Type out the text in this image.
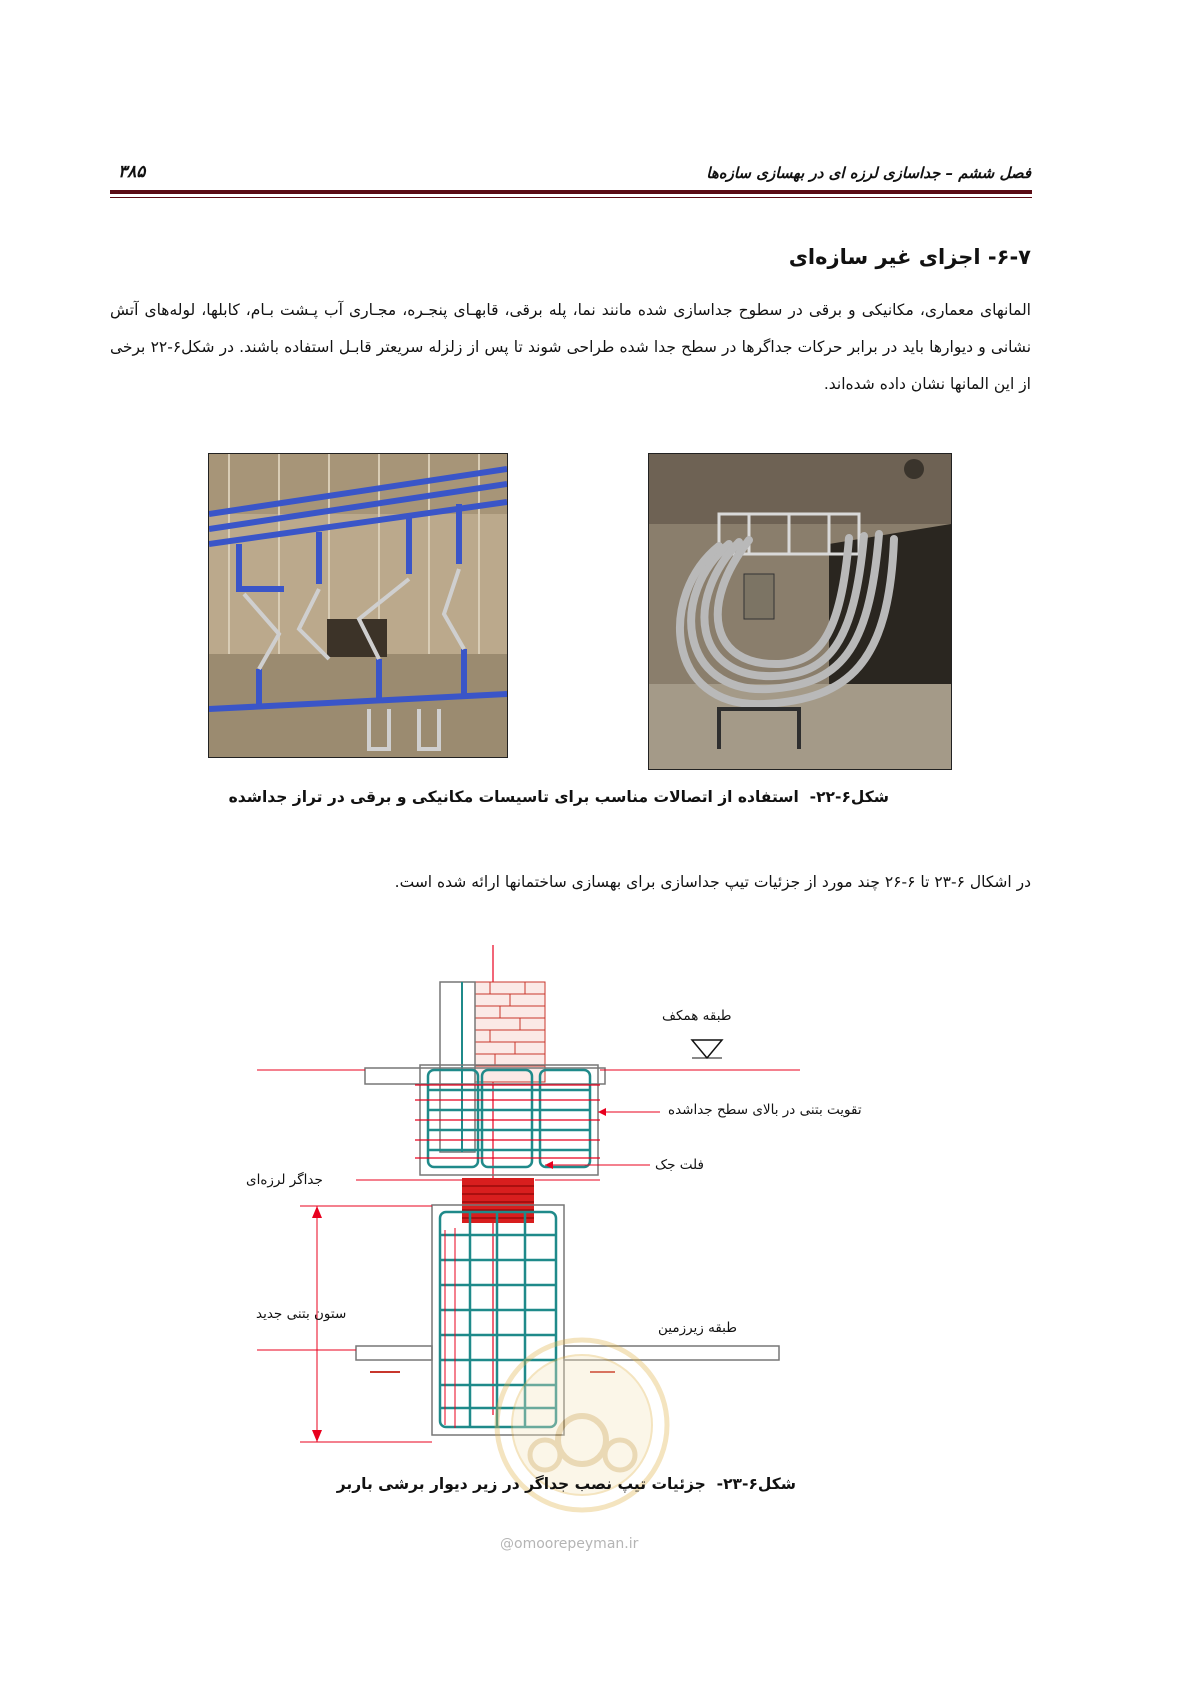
فصل ششم – جداسازی لرزه ای در بهسازی سازه‌ها
۳۸۵
۶-۷- اجزای غیر سازه‌ای
المانهای معماری، مکانیکی و برقی در سطوح جداسازی شده مانند نما، پله برقی، قابهـای پنجـره، مجـاری آب پـشت بـام، کابلها، لوله‌های آتش نشانی و دیوارها باید در برابر حرکات جداگرها در سطح جدا شده طراحی شوند تا پس از زلزله سریعتر قابـل استفاده باشند. در شکل۶-۲۲ برخی از این المانها نشان داده شده‌اند.
شکل۶-۲۲-  استفاده از اتصالات مناسب برای تاسیسات مکانیکی و برقی در تراز جداشده
در اشکال ۶-۲۳ تا ۶-۲۶ چند مورد از جزئیات تیپ جداسازی برای بهسازی ساختمانها ارائه شده است.
طبقه همکف
تقویت بتنی در بالای سطح جداشده
فلت جک
جداگر لرزه‌ای
ستون بتنی جدید
طبقه زیرزمین
شکل۶-۲۳-  جزئیات تیپ نصب جداگر در زیر دیوار برشی باربر
@omoorepeyman.ir
